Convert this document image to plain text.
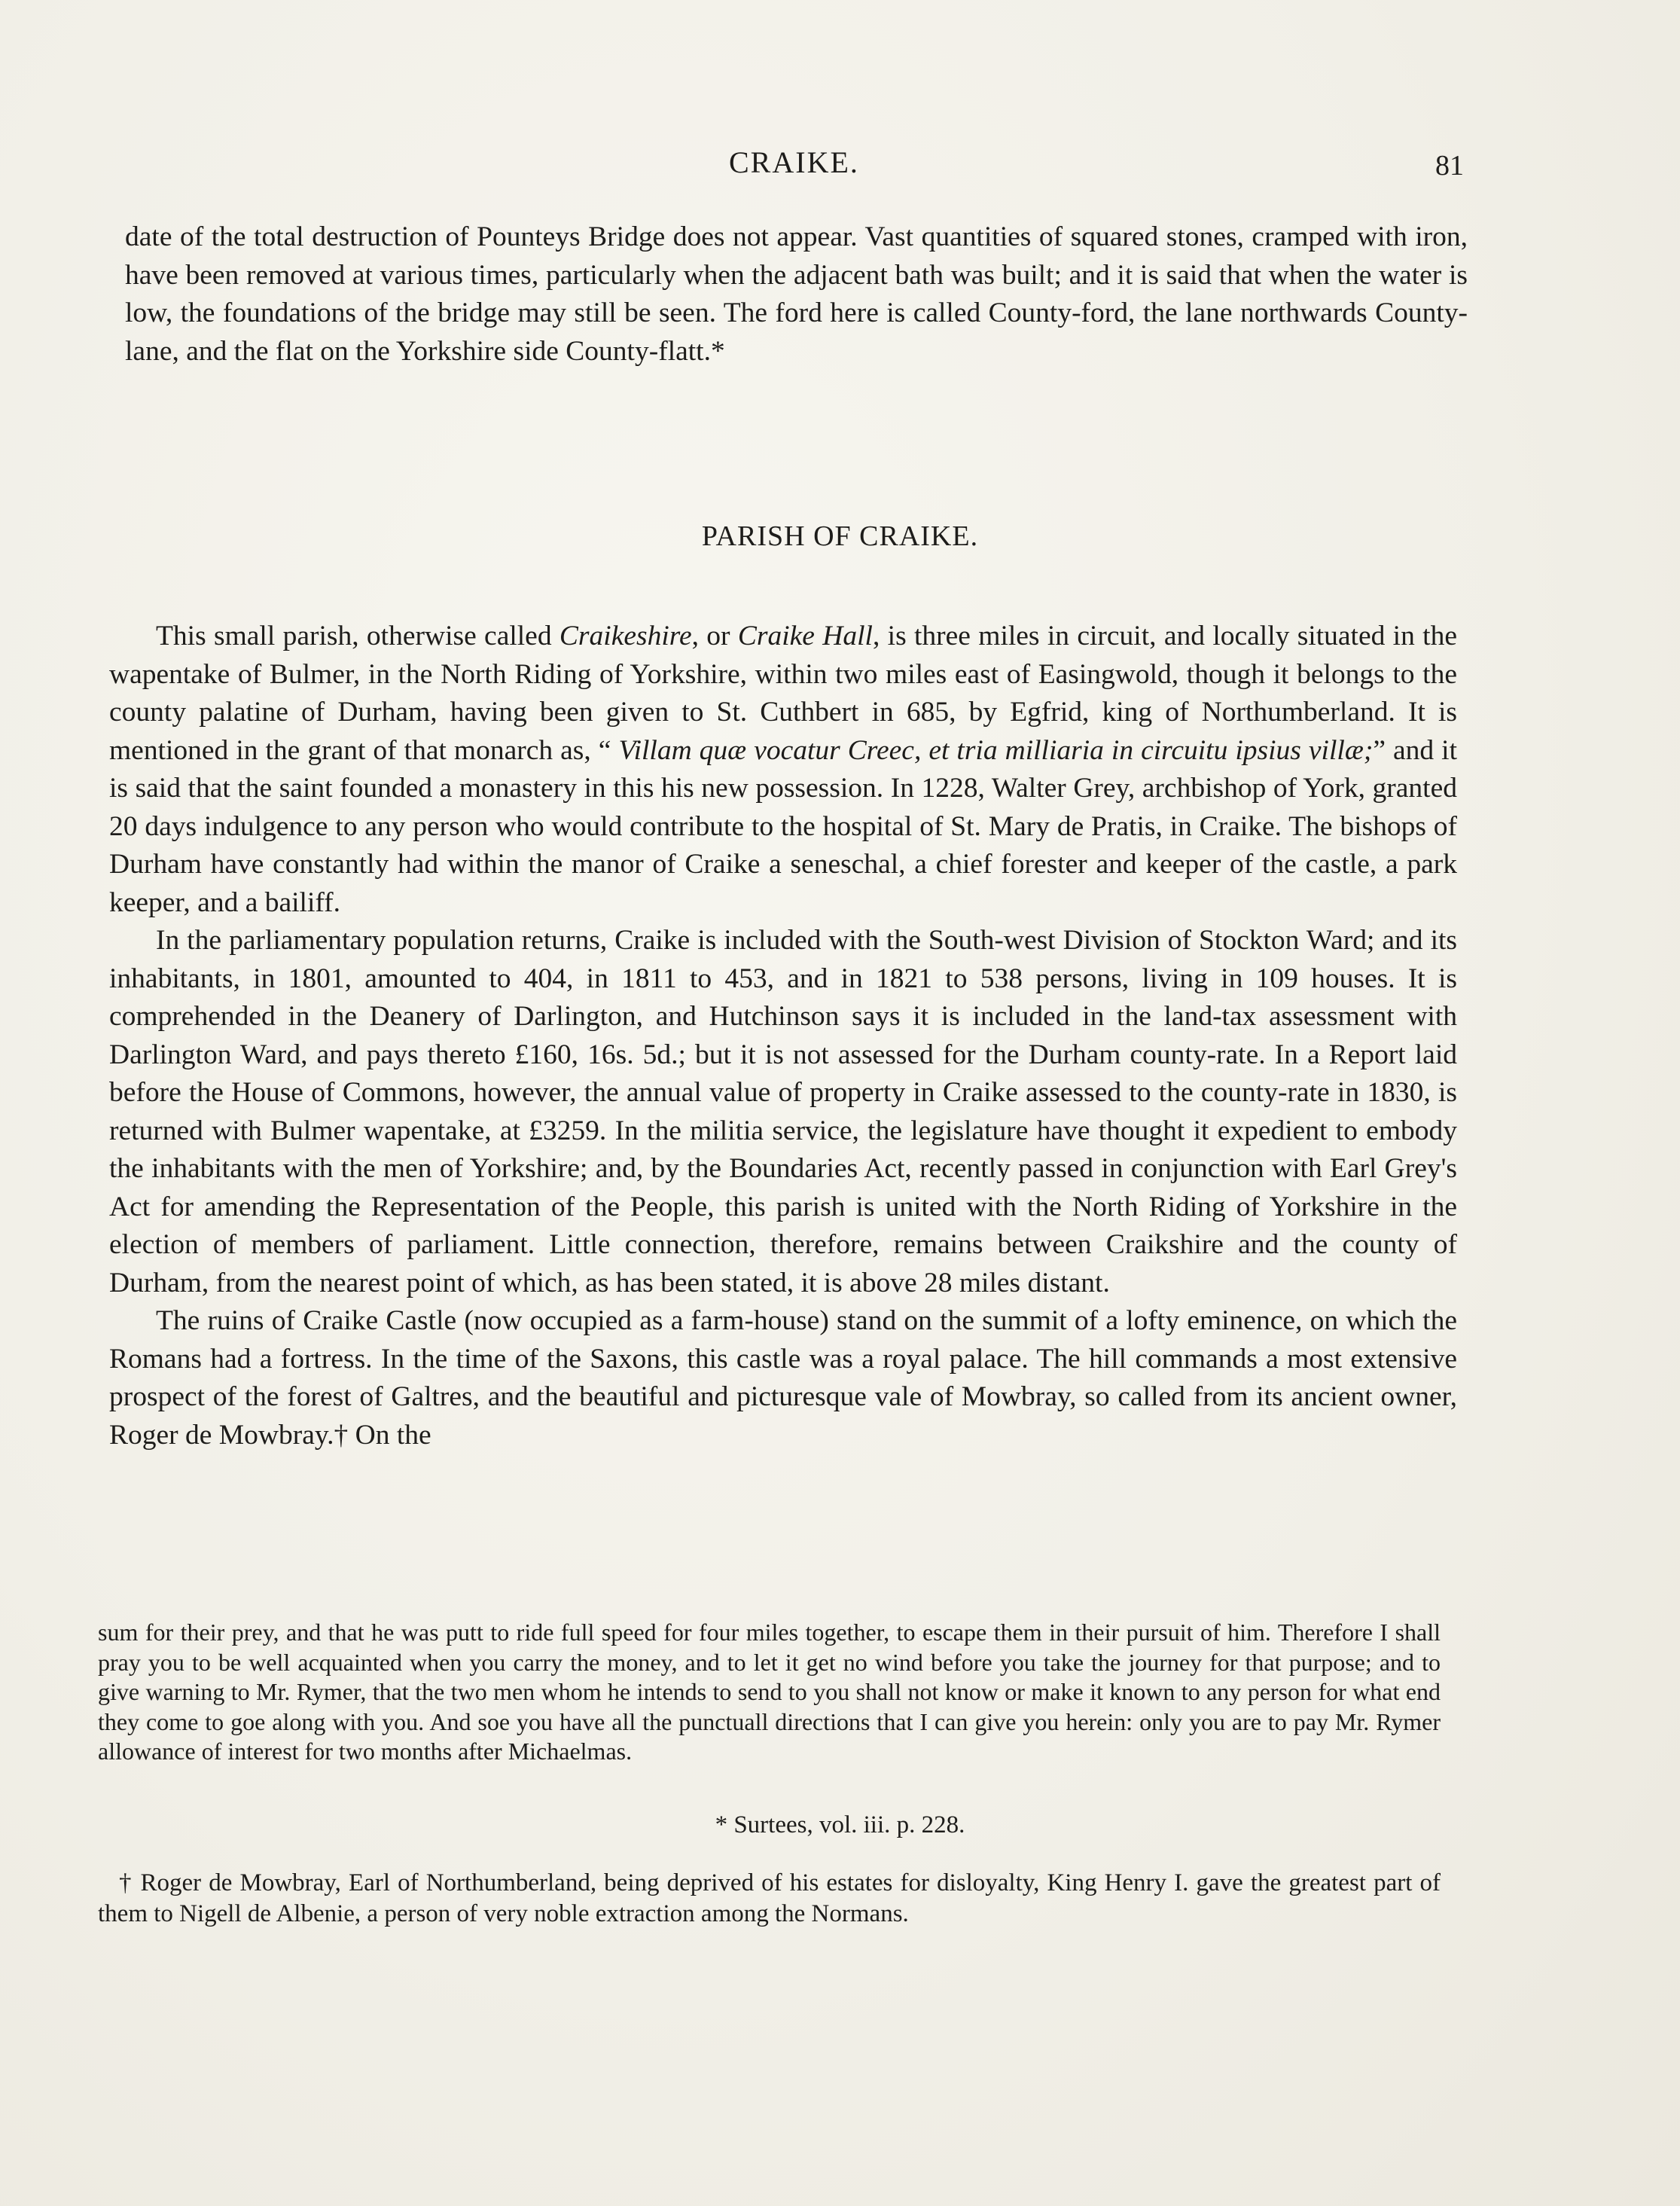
CRAIKE.	81

date of the total destruction of Pounteys Bridge does not appear. Vast quantities of squared stones, cramped with iron, have been removed at various times, particularly when the adjacent bath was built; and it is said that when the water is low, the foundations of the bridge may still be seen. The ford here is called County-ford, the lane northwards County-lane, and the flat on the Yorkshire side County-flatt.*

PARISH OF CRAIKE.

This small parish, otherwise called Craikeshire, or Craike Hall, is three miles in circuit, and locally situated in the wapentake of Bulmer, in the North Riding of Yorkshire, within two miles east of Easingwold, though it belongs to the county palatine of Durham, having been given to St. Cuthbert in 685, by Egfrid, king of Northumberland. It is mentioned in the grant of that monarch as, “ Villam quæ vocatur Creec, et tria milliaria in circuitu ipsius villæ;” and it is said that the saint founded a monastery in this his new possession. In 1228, Walter Grey, archbishop of York, granted 20 days indulgence to any person who would contribute to the hospital of St. Mary de Pratis, in Craike. The bishops of Durham have constantly had within the manor of Craike a seneschal, a chief forester and keeper of the castle, a park keeper, and a bailiff.

In the parliamentary population returns, Craike is included with the South-west Division of Stockton Ward; and its inhabitants, in 1801, amounted to 404, in 1811 to 453, and in 1821 to 538 persons, living in 109 houses. It is comprehended in the Deanery of Darlington, and Hutchinson says it is included in the land-tax assessment with Darlington Ward, and pays thereto £160, 16s. 5d.; but it is not assessed for the Durham county-rate. In a Report laid before the House of Commons, however, the annual value of property in Craike assessed to the county-rate in 1830, is returned with Bulmer wapentake, at £3259. In the militia service, the legislature have thought it expedient to embody the inhabitants with the men of Yorkshire; and, by the Boundaries Act, recently passed in conjunction with Earl Grey's Act for amending the Representation of the People, this parish is united with the North Riding of Yorkshire in the election of members of parliament. Little connection, therefore, remains between Craikshire and the county of Durham, from the nearest point of which, as has been stated, it is above 28 miles distant.

The ruins of Craike Castle (now occupied as a farm-house) stand on the summit of a lofty eminence, on which the Romans had a fortress. In the time of the Saxons, this castle was a royal palace. The hill commands a most extensive prospect of the forest of Galtres, and the beautiful and picturesque vale of Mowbray, so called from its ancient owner, Roger de Mowbray.† On the

sum for their prey, and that he was putt to ride full speed for four miles together, to escape them in their pursuit of him. Therefore I shall pray you to be well acquainted when you carry the money, and to let it get no wind before you take the journey for that purpose; and to give warning to Mr. Rymer, that the two men whom he intends to send to you shall not know or make it known to any person for what end they come to goe along with you. And soe you have all the punctuall directions that I can give you herein: only you are to pay Mr. Rymer allowance of interest for two months after Michaelmas.

* Surtees, vol. iii. p. 228.

† Roger de Mowbray, Earl of Northumberland, being deprived of his estates for disloyalty, King Henry I. gave the greatest part of them to Nigell de Albenie, a person of very noble extraction among the Normans.
